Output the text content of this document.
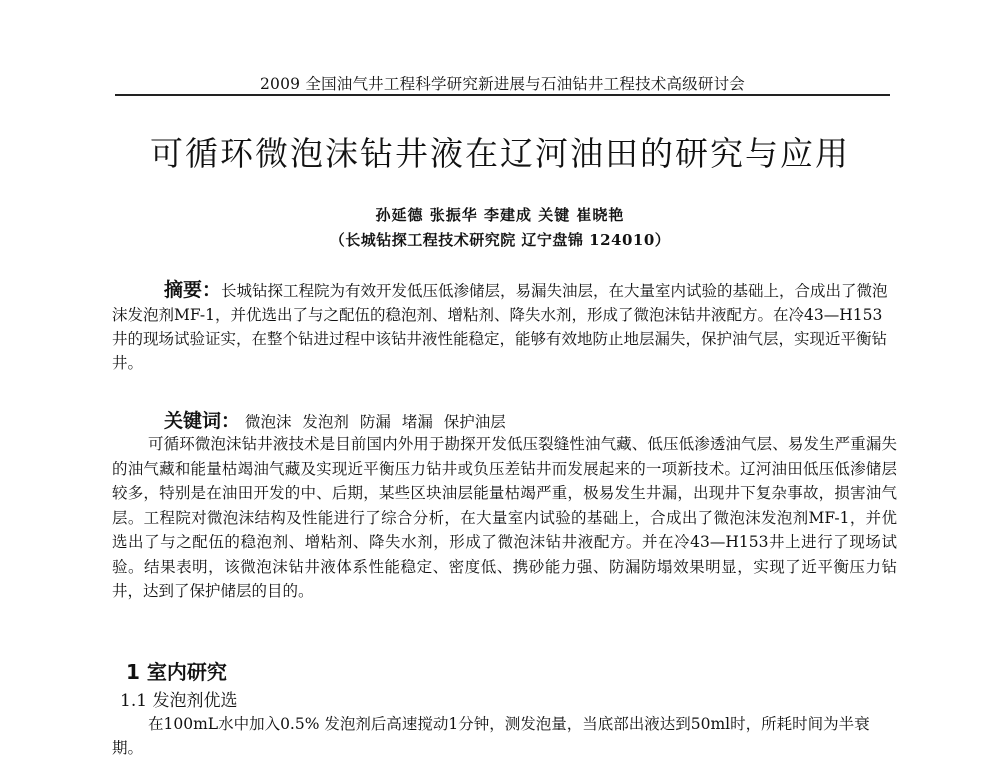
2009 全国油气井工程科学研究新进展与石油钻井工程技术高级研讨会
可循环微泡沫钻井液在辽河油田的研究与应用
孙延德 张振华 李建成 关键 崔晓艳
（长城钻探工程技术研究院 辽宁盘锦 124010）
摘要：长城钻探工程院为有效开发低压低渗储层，易漏失油层，在大量室内试验的基础上，合成出了微泡沫发泡剂MF-1，并优选出了与之配伍的稳泡剂、增粘剂、降失水剂，形成了微泡沫钻井液配方。在冷43—H153井的现场试验证实，在整个钻进过程中该钻井液性能稳定，能够有效地防止地层漏失，保护油气层，实现近平衡钻井。
关键词： 微泡沫 发泡剂 防漏 堵漏 保护油层
可循环微泡沫钻井液技术是目前国内外用于勘探开发低压裂缝性油气藏、低压低渗透油气层、易发生严重漏失的油气藏和能量枯竭油气藏及实现近平衡压力钻井或负压差钻井而发展起来的一项新技术。辽河油田低压低渗储层较多，特别是在油田开发的中、后期，某些区块油层能量枯竭严重，极易发生井漏，出现井下复杂事故，损害油气层。工程院对微泡沫结构及性能进行了综合分析，在大量室内试验的基础上，合成出了微泡沫发泡剂MF-1，并优选出了与之配伍的稳泡剂、增粘剂、降失水剂，形成了微泡沫钻井液配方。并在冷43—H153井上进行了现场试验。结果表明，该微泡沫钻井液体系性能稳定、密度低、携砂能力强、防漏防塌效果明显，实现了近平衡压力钻井，达到了保护储层的目的。
1 室内研究
1.1 发泡剂优选
在100mL水中加入0.5% 发泡剂后高速搅动1分钟，测发泡量，当底部出液达到50ml时，所耗时间为半衰期。
